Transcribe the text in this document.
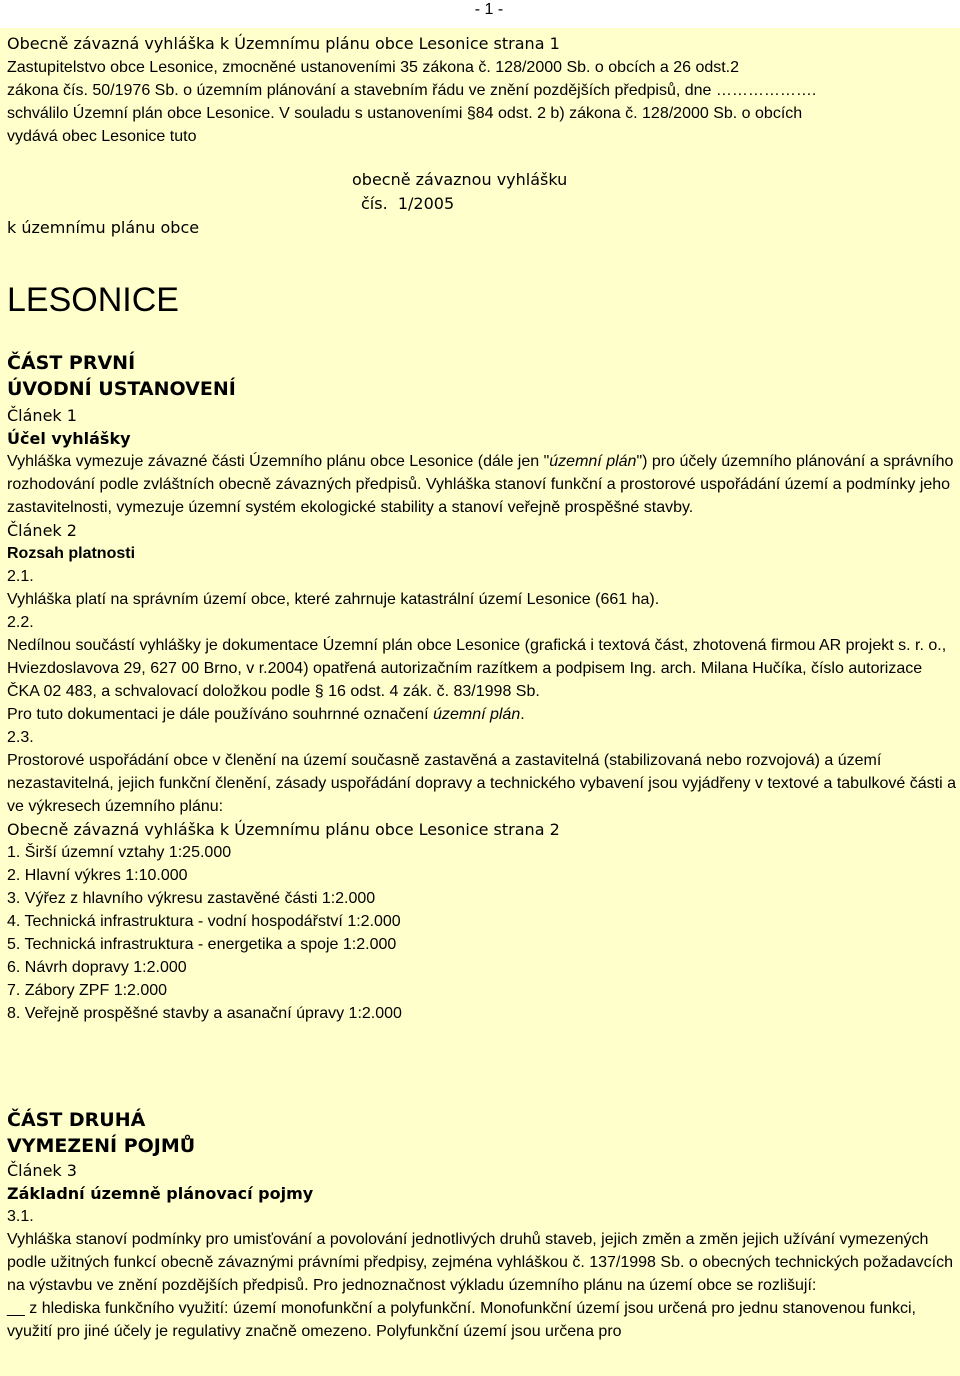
- 1 -
Obecně závazná vyhláška k Územnímu plánu obce Lesonice strana 1
Zastupitelstvo obce Lesonice, zmocněné ustanoveními 35 zákona č. 128/2000 Sb. o obcích a 26 odst.2
zákona čís. 50/1976 Sb. o územním plánování a stavebním řádu ve znění pozdějších předpisů, dne ……………….
schválilo Územní plán obce Lesonice. V souladu s ustanoveními §84 odst. 2 b) zákona č. 128/2000 Sb. o obcích
vydává obec Lesonice tuto
obecně závaznou vyhlášku
čís.  1/2005
k územnímu plánu obce
LESONICE
ČÁST PRVNÍ
ÚVODNÍ USTANOVENÍ
Článek 1
Účel vyhlášky

Vyhláška vymezuje závazné části Územního plánu obce Lesonice (dále jen "územní plán") pro účely územního plánování a správního rozhodování podle zvláštních obecně závazných předpisů. Vyhláška stanoví funkční a prostorové uspořádání území a podmínky jeho zastavitelnosti, vymezuje územní systém ekologické stability a stanoví veřejně prospěšné stavby.

Článek 2
Rozsah platnosti
2.1.

Vyhláška platí na správním území obce, které zahrnuje katastrální území Lesonice (661 ha).

2.2.

Nedílnou součástí vyhlášky je dokumentace Územní plán obce Lesonice (grafická i textová část, zhotovená firmou AR projekt s. r. o., Hviezdoslavova 29, 627 00 Brno, v r.2004) opatřená autorizačním razítkem a podpisem Ing. arch. Milana Hučíka, číslo autorizace ČKA 02 483, a schvalovací doložkou podle § 16 odst. 4 zák. č. 83/1998 Sb.

Pro tuto dokumentaci je dále používáno souhrnné označení územní plán.

2.3.

Prostorové uspořádání obce v členění na území současně zastavěná a zastavitelná (stabilizovaná nebo rozvojová) a území nezastavitelná, jejich funkční členění, zásady uspořádání dopravy a technického vybavení jsou vyjádřeny v textové a tabulkové části a ve výkresech územního plánu:

Obecně závazná vyhláška k Územnímu plánu obce Lesonice strana 2
1. Širší územní vztahy 1:25.000
2. Hlavní výkres 1:10.000
3. Výřez z hlavního výkresu zastavěné části 1:2.000
4. Technická infrastruktura - vodní hospodářství 1:2.000
5. Technická infrastruktura - energetika a spoje 1:2.000
6. Návrh dopravy 1:2.000
7. Zábory ZPF 1:2.000
8. Veřejně prospěšné stavby a asanační úpravy 1:2.000
ČÁST DRUHÁ
VYMEZENÍ POJMŮ
Článek 3
Základní územně plánovací pojmy
3.1.

Vyhláška stanoví podmínky pro umisťování a povolování jednotlivých druhů staveb, jejich změn a změn jejich užívání vymezených podle užitných funkcí obecně závaznými právními předpisy, zejména vyhláškou č. 137/1998 Sb. o obecných technických požadavcích na výstavbu ve znění pozdějších předpisů. Pro jednoznačnost výkladu územního plánu na území obce se rozlišují:

__ z hlediska funkčního využití: území monofunkční a polyfunkční. Monofunkční území jsou určená pro jednu stanovenou funkci, využití pro jiné účely je regulativy značně omezeno. Polyfunkční území jsou určena pro
